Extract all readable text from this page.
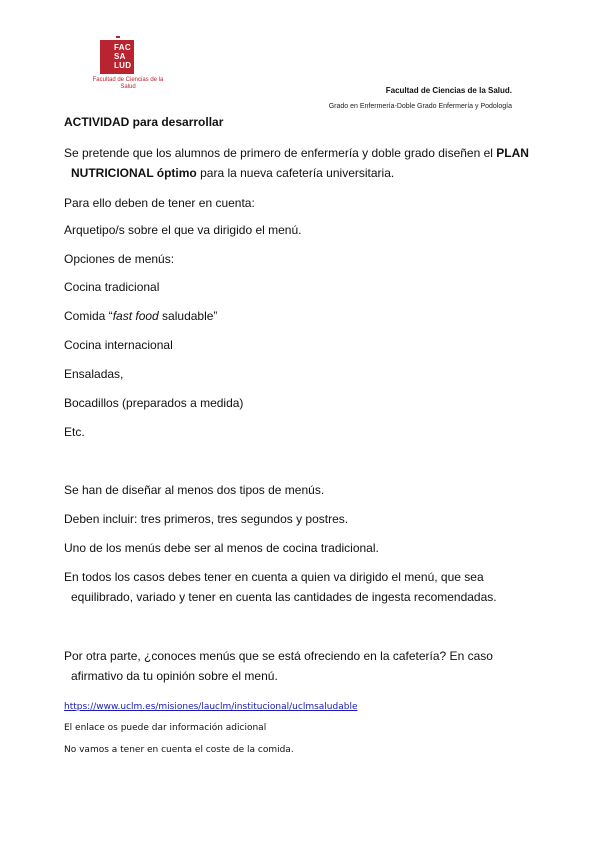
FAC
SA
LUD
Facultad de Ciencias de la Salud	Facultad de Ciencias de la Salud.
Grado en Enfermería-Doble Grado Enfermería y Podología

ACTIVIDAD para desarrollar

Se pretende que los alumnos de primero de enfermería y doble grado diseñen el PLAN
NUTRICIONAL óptimo para la nueva cafetería universitaria.

Para ello deben de tener en cuenta:

Arquetipo/s sobre el que va dirigido el menú.

Opciones de menús:

Cocina tradicional

Comida “fast food saludable”

Cocina internacional

Ensaladas,

Bocadillos (preparados a medida)

Etc.

Se han de diseñar al menos dos tipos de menús.

Deben incluir: tres primeros, tres segundos y postres.

Uno de los menús debe ser al menos de cocina tradicional.

En todos los casos debes tener en cuenta a quien va dirigido el menú, que sea
equilibrado, variado y tener en cuenta las cantidades de ingesta recomendadas.

Por otra parte, ¿conoces menús que se está ofreciendo en la cafetería? En caso
afirmativo da tu opinión sobre el menú.

https://www.uclm.es/misiones/lauclm/institucional/uclmsaludable

El enlace os puede dar información adicional

No vamos a tener en cuenta el coste de la comida.
